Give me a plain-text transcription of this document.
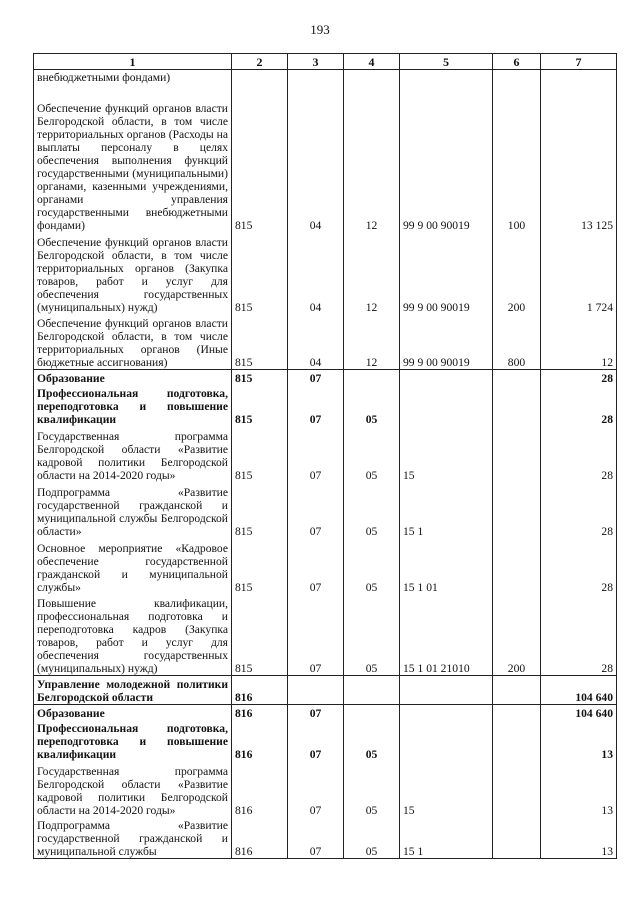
193
1	2	3	4	5	6	7
внебюджетными фондами)						
Обеспечение функций органов власти Белгородской области, в том числе территориальных органов (Расходы на выплаты персоналу в целях обеспечения выполнения функций государственными (муниципальными) органами, казенными учреждениями, органами управления государственными внебюджетными фондами)	815	04	12	99 9 00 90019	100	13 125
Обеспечение функций органов власти Белгородской области, в том числе территориальных органов (Закупка товаров, работ и услуг для обеспечения государственных (муниципальных) нужд)	815	04	12	99 9 00 90019	200	1 724
Обеспечение функций органов власти Белгородской области, в том числе территориальных органов (Иные бюджетные ассигнования)	815	04	12	99 9 00 90019	800	12
Образование	815	07				28
Профессиональная подготовка, переподготовка и повышение квалификации	815	07	05			28
Государственная программа Белгородской области «Развитие кадровой политики Белгородской области на 2014-2020 годы»	815	07	05	15		28
Подпрограмма «Развитие государственной гражданской и муниципальной службы Белгородской области»	815	07	05	15 1		28
Основное мероприятие «Кадровое обеспечение государственной гражданской и муниципальной службы»	815	07	05	15 1 01		28
Повышение квалификации, профессиональная подготовка и переподготовка кадров (Закупка товаров, работ и услуг для обеспечения государственных (муниципальных) нужд)	815	07	05	15 1 01 21010	200	28
Управление молодежной политики Белгородской области	816					104 640
Образование	816	07				104 640
Профессиональная подготовка, переподготовка и повышение квалификации	816	07	05			13
Государственная программа Белгородской области «Развитие кадровой политики Белгородской области на 2014-2020 годы»	816	07	05	15		13
Подпрограмма «Развитие государственной гражданской и муниципальной службы	816	07	05	15 1		13
